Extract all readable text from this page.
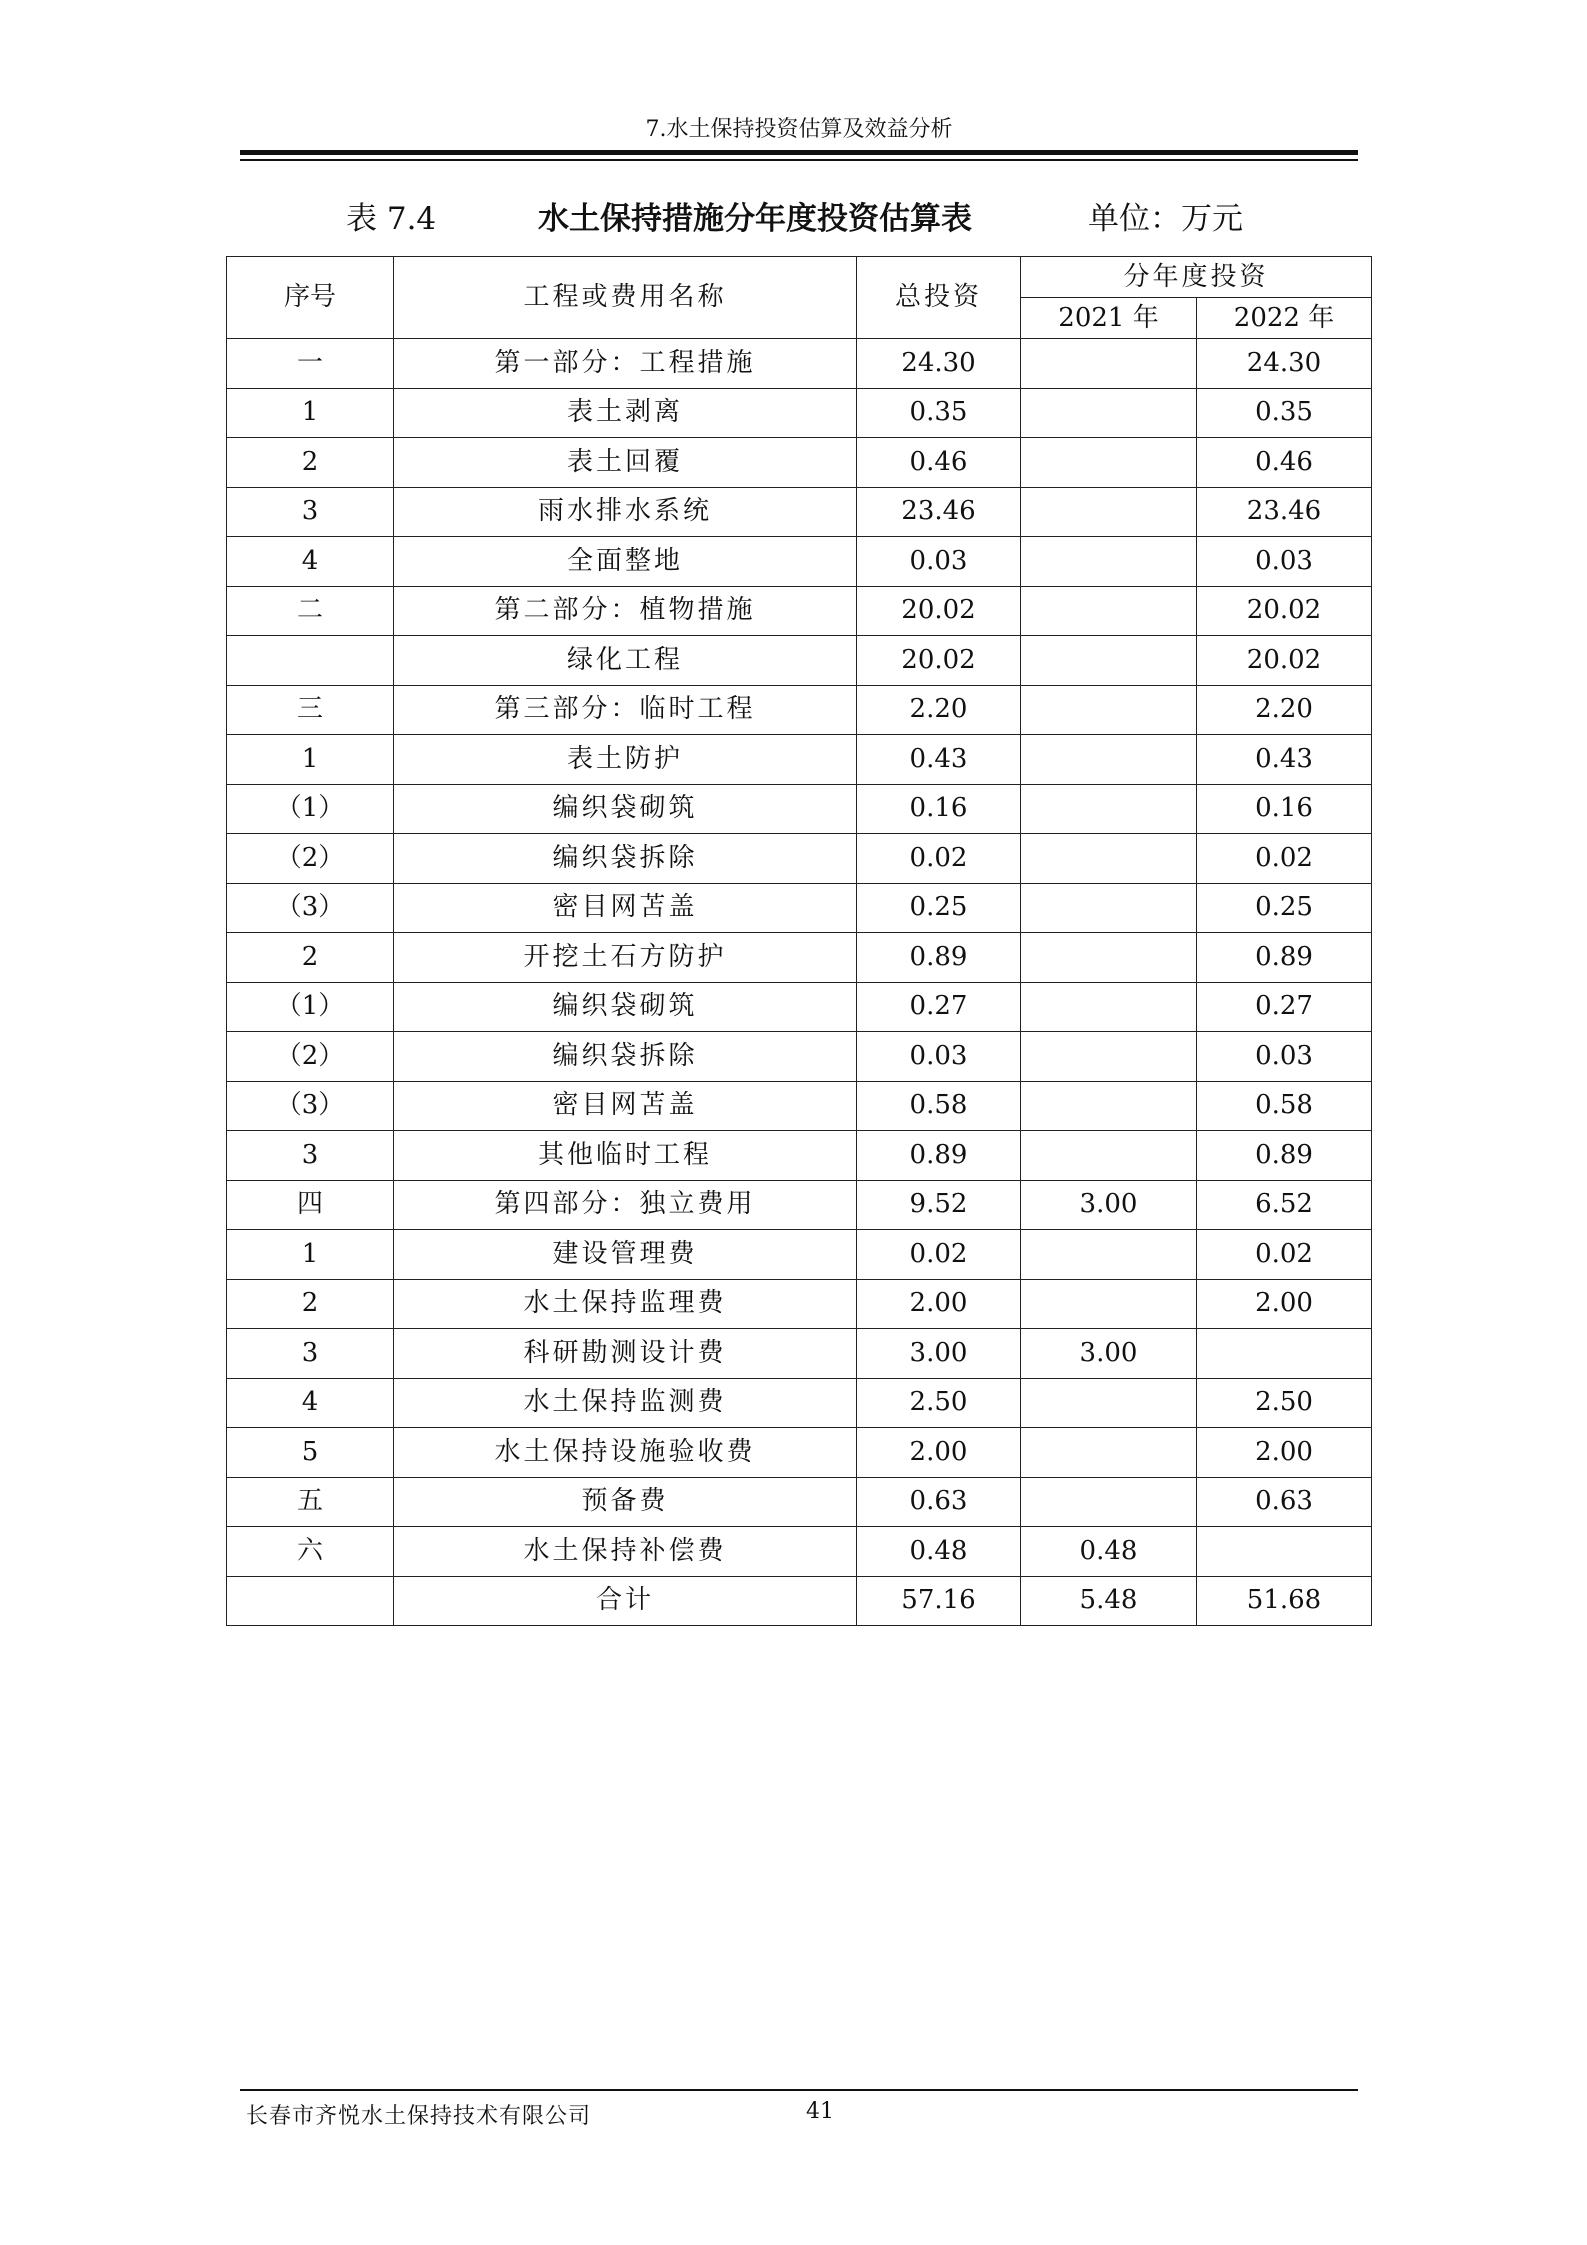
7.水土保持投资估算及效益分析
表 7.4	水土保持措施分年度投资估算表	单位：万元
序号	工程或费用名称	总投资	分年度投资	
			2021 年	2022 年
一	第一部分：工程措施	24.30		24.30
1	表土剥离	0.35		0.35
2	表土回覆	0.46		0.46
3	雨水排水系统	23.46		23.46
4	全面整地	0.03		0.03
二	第二部分：植物措施	20.02		20.02
	绿化工程	20.02		20.02
三	第三部分：临时工程	2.20		2.20
1	表土防护	0.43		0.43
（1）	编织袋砌筑	0.16		0.16
（2）	编织袋拆除	0.02		0.02
（3）	密目网苫盖	0.25		0.25
2	开挖土石方防护	0.89		0.89
（1）	编织袋砌筑	0.27		0.27
（2）	编织袋拆除	0.03		0.03
（3）	密目网苫盖	0.58		0.58
3	其他临时工程	0.89		0.89
四	第四部分：独立费用	9.52	3.00	6.52
1	建设管理费	0.02		0.02
2	水土保持监理费	2.00		2.00
3	科研勘测设计费	3.00	3.00	
4	水土保持监测费	2.50		2.50
5	水土保持设施验收费	2.00		2.00
五	预备费	0.63		0.63
六	水土保持补偿费	0.48	0.48	
	合计	57.16	5.48	51.68
长春市齐悦水土保持技术有限公司	41
